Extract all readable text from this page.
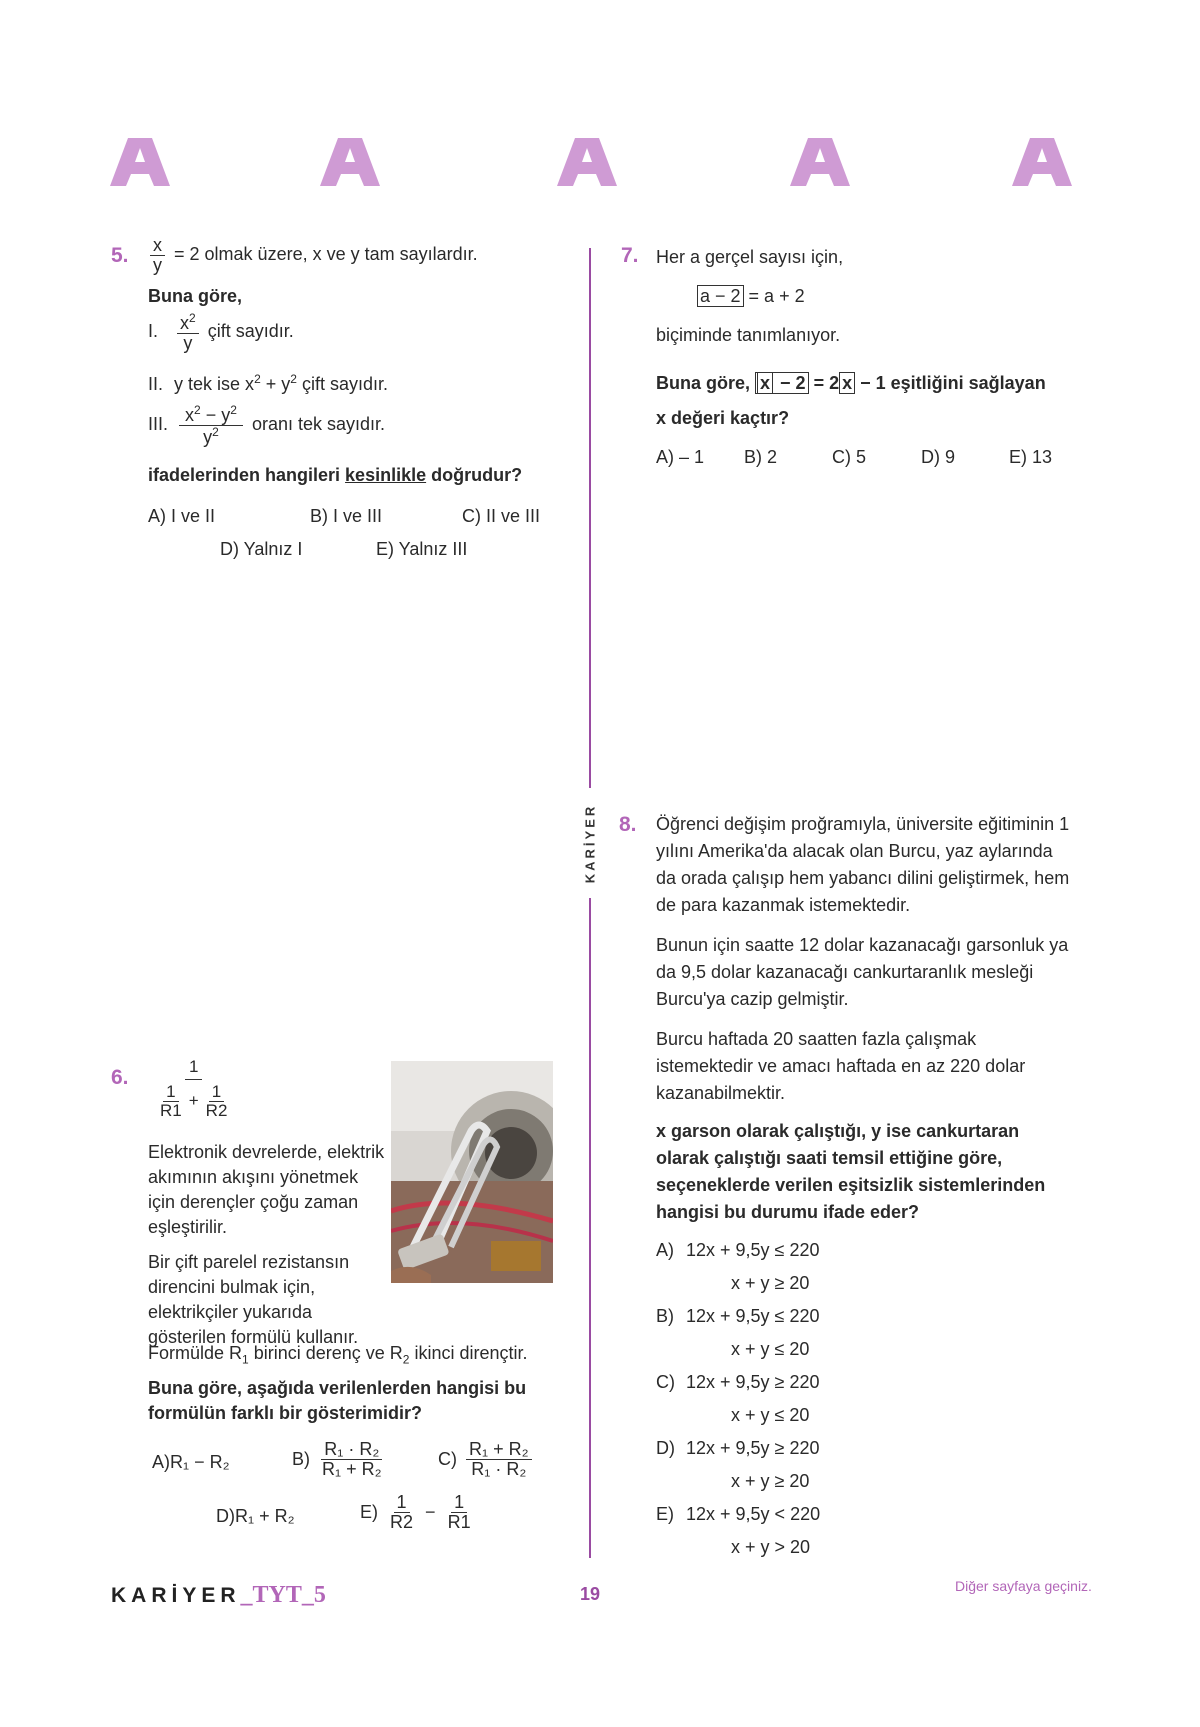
KARİYER
5. $\frac{x}{y} = 2$ olmak üzere, x ve y tam sayılardır.
Buna göre,
I. $\frac{x^2}{y}$ çift sayıdır.
II. y tek ise $x^2 + y^2$ çift sayıdır.
III. $\frac{x^2 - y^2}{y^2}$ oranı tek sayıdır.
ifadelerinden hangileri kesinlikle doğrudur?
A) I ve II	B) I ve III	C) II ve III
D) Yalnız I	E) Yalnız III
6. $\frac{1}{\frac{1}{R1} + \frac{1}{R2}}$
Elektronik devrelerde, elektrik akımının akışını yönetmek için derençler çoğu zaman eşleştirilir.
Bir çift parelel rezistansın direncini bulmak için, elektrikçiler yukarıda gösterilen formülü kullanır.
Formülde $R_1$ birinci derenç ve $R_2$ ikinci dirençtir.
Buna göre, aşağıda verilenlerden hangisi bu formülün farklı bir gösterimidir?
A)R₁ − R₂	$B) \frac{\text{R₁ · R₂}}{\text{R₁ + R₂}}$	$C) \frac{\text{R₁ + R₂}}{\text{R₁ · R₂}}$
D)R₁ + R₂	$E) \frac{1}{R2} - \frac{1}{R1}$
7. Her a gerçel sayısı için,
a − 2 = a + 2
biçiminde tanımlanıyor.
Buna göre, x − 2 = 2 x − 1 eşitliğini sağlayan
x değeri kaçtır?
A) – 1 B) 2	C) 5	D) 9	E) 13
8. Öğrenci değişim proğramıyla, üniversite eğitiminin 1 yılını Amerika'da alacak olan Burcu, yaz aylarında da orada çalışıp hem yabancı dilini geliştirmek, hem de para kazanmak istemektedir.
Bunun için saatte 12 dolar kazanacağı garsonluk ya da 9,5 dolar kazanacağı cankurtaranlık mesleği Burcu'ya cazip gelmiştir.
Burcu haftada 20 saatten fazla çalışmak istemektedir ve amacı haftada en az 220 dolar kazanabilmektir.
x garson olarak çalıştığı, y ise cankurtaran olarak çalıştığı saati temsil ettiğine göre, seçeneklerde verilen eşitsizlik sistemlerinden hangisi bu durumu ifade eder?
A) 12x + 9,5y ≤ 220
x + y ≥ 20
B) 12x + 9,5y ≤ 220
x + y ≤ 20
C) 12x + 9,5y ≥ 220
x + y ≤ 20
D) 12x + 9,5y ≥ 220
x + y ≥ 20
E) 12x + 9,5y < 220
x + y > 20
KARİYER_TYT_5	19	Diğer sayfaya geçiniz.
